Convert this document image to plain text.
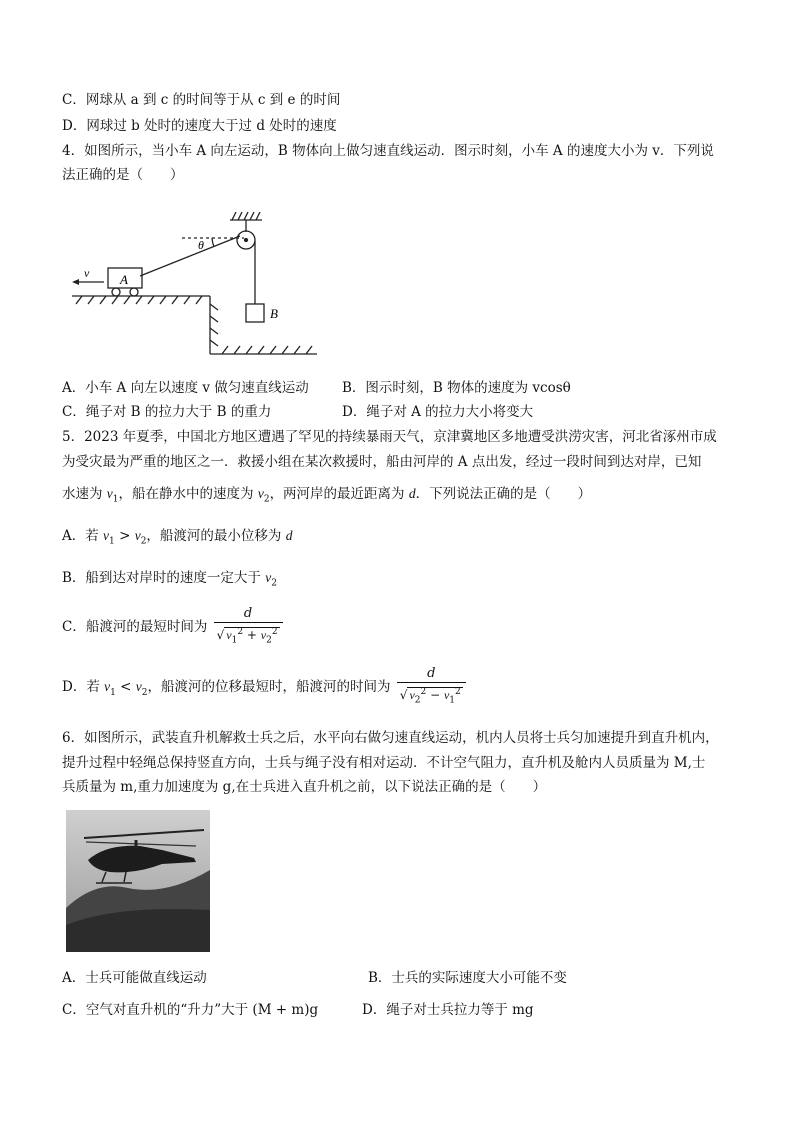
C．网球从 a 到 c 的时间等于从 c 到 e 的时间
D．网球过 b 处时的速度大于过 d 处时的速度
4．如图所示，当小车 A 向左运动，B 物体向上做匀速直线运动．图示时刻，小车 A 的速度大小为 v．下列说
法正确的是（　　）
v A
θ
B
A．小车 A 向左以速度 v 做匀速直线运动 B．图示时刻，B 物体的速度为 vcosθ
C．绳子对 B 的拉力大于 B 的重力	D．绳子对 A 的拉力大小将变大
5．2023 年夏季，中国北方地区遭遇了罕见的持续暴雨天气，京津冀地区多地遭受洪涝灾害，河北省涿州市成
为受灾最为严重的地区之一．救援小组在某次救援时，船由河岸的 A 点出发，经过一段时间到达对岸，已知
水速为 $v_1$，船在静水中的速度为 $v_2$，两河岸的最近距离为 d．下列说法正确的是（　　）
A．若 $v_1 > v_2$，船渡河的最小位移为 d
B．船到达对岸时的速度一定大于 $v_2$
C．船渡河的最短时间为 $\frac{d}{√ v_1^2 + v_2^2}$
D．若 $v_1 < v_2$，船渡河的位移最短时，船渡河的时间为 $\frac{d}{√ v_2^2 - v_1^2}$
6．如图所示，武装直升机解救士兵之后，水平向右做匀速直线运动，机内人员将士兵匀加速提升到直升机内，
提升过程中轻绳总保持竖直方向，士兵与绳子没有相对运动．不计空气阻力，直升机及舱内人员质量为 M,士
兵质量为 m,重力加速度为 g,在士兵进入直升机之前，以下说法正确的是（　　）
A．士兵可能做直线运动	B．士兵的实际速度大小可能不变
C．空气对直升机的“升力”大于 (M + m)g	D．绳子对士兵拉力等于 mg
